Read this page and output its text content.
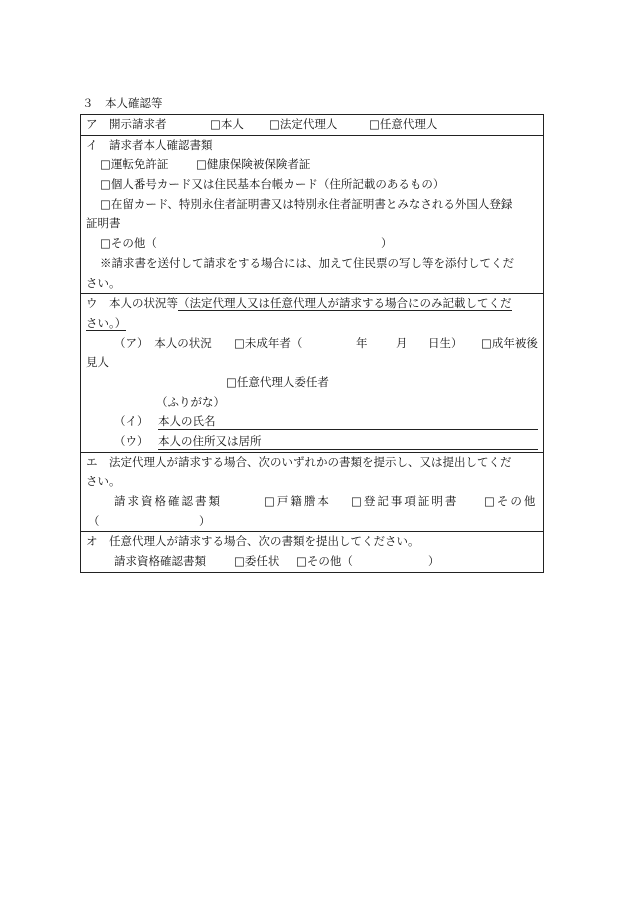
３　本人確認等
ア　開示請求者	□本人 □法定代理人	□任意代理人
イ　請求者本人確認書類
□運転免許証 □健康保険被保険者証
□個人番号カード又は住民基本台帳カード（住所記載のあるもの）
□在留カード、特別永住者証明書又は特別永住者証明書とみなされる外国人登録
証明書
□その他（	）
※請求書を送付して請求をする場合には、加えて住民票の写し等を添付してくだ
さい。
ウ　本人の状況等（法定代理人又は任意代理人が請求する場合にのみ記載してくだ
さい。）
（ア）　本人の状況 □未成年者（	年 月 日生） □成年被後
見人
□任意代理人委任者
（ふりがな）
（イ） 本人の氏名
（ウ） 本人の住所又は居所
エ　法定代理人が請求する場合、次のいずれかの書類を提示し、又は提出してくだ
さい。
請求資格確認書類	□戸籍謄本 □登記事項証明書 □その他
（	）
オ　任意代理人が請求する場合、次の書類を提出してください。
請求資格確認書類 □委任状 □その他（	）
